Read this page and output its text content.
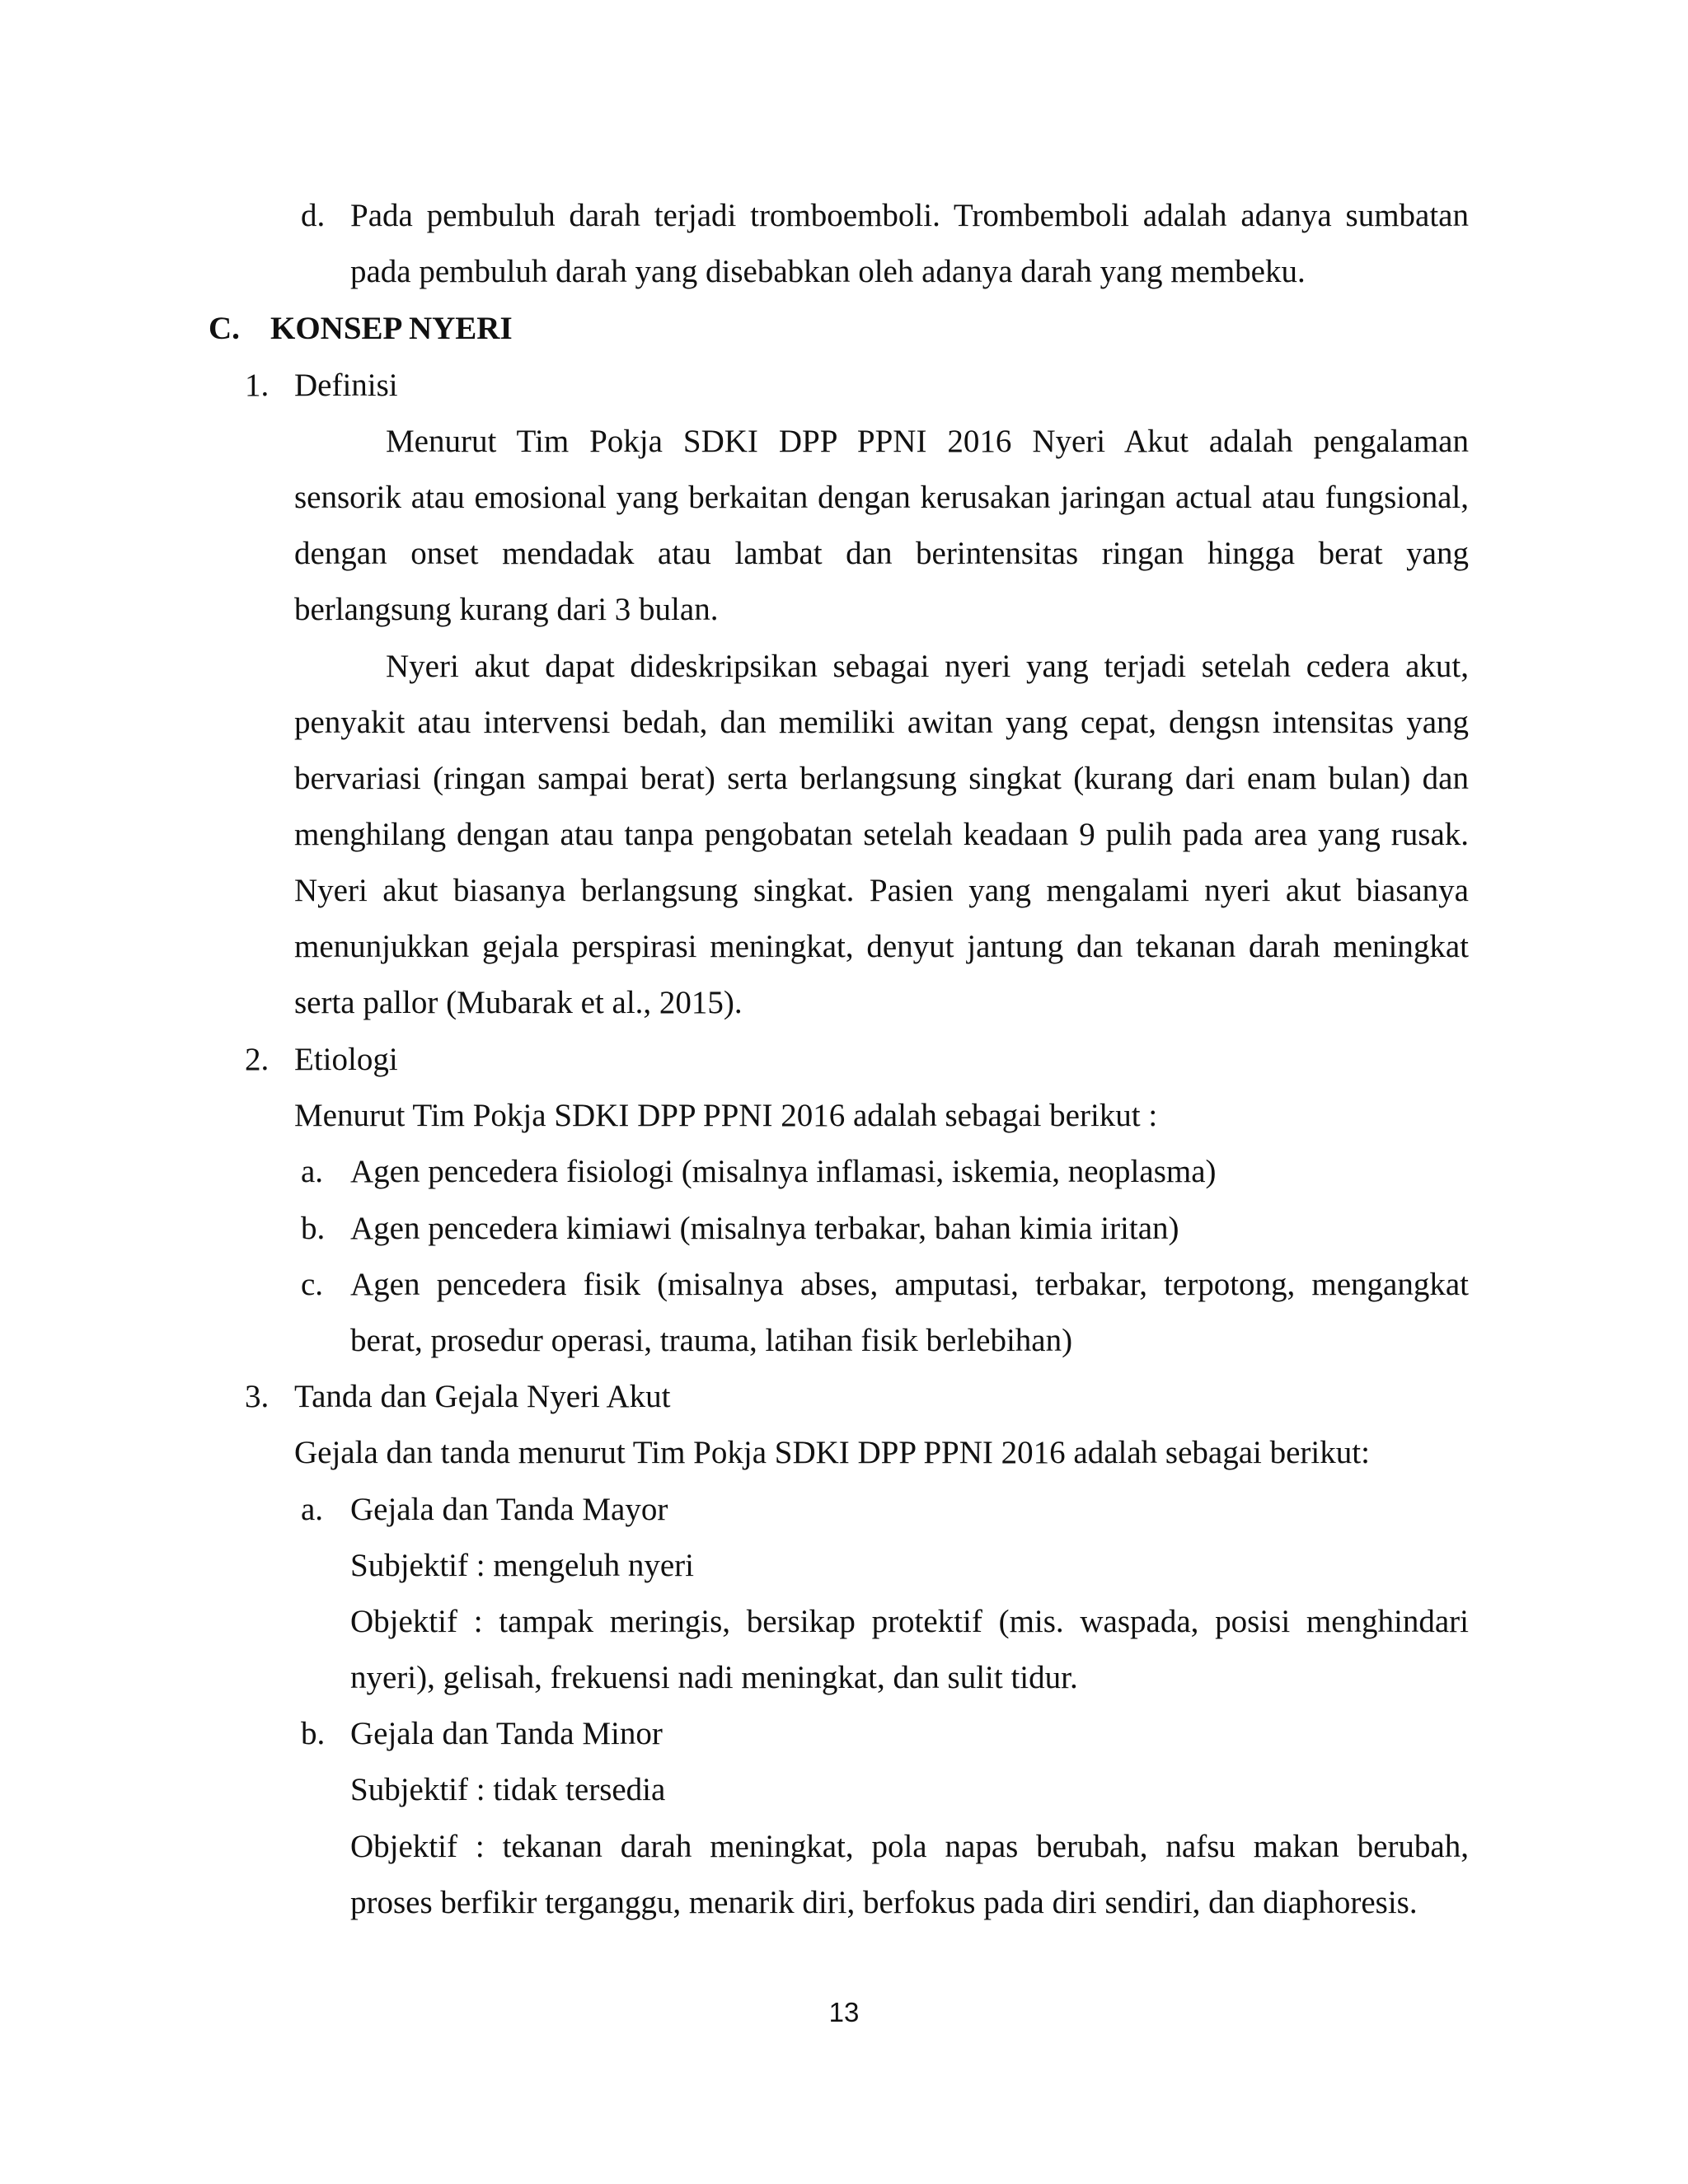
d. Pada pembuluh darah terjadi tromboemboli. Trombemboli adalah adanya sumbatan
pada pembuluh darah yang disebabkan oleh adanya darah yang membeku.
C. KONSEP NYERI
1. Definisi
Menurut Tim Pokja SDKI DPP PPNI 2016 Nyeri Akut adalah pengalaman
sensorik atau emosional yang berkaitan dengan kerusakan jaringan actual atau fungsional,
dengan onset mendadak atau lambat dan berintensitas ringan hingga berat yang
berlangsung kurang dari 3 bulan.
Nyeri akut dapat dideskripsikan sebagai nyeri yang terjadi setelah cedera akut,
penyakit atau intervensi bedah, dan memiliki awitan yang cepat, dengsn intensitas yang
bervariasi (ringan sampai berat) serta berlangsung singkat (kurang dari enam bulan) dan
menghilang dengan atau tanpa pengobatan setelah keadaan 9 pulih pada area yang rusak.
Nyeri akut biasanya berlangsung singkat. Pasien yang mengalami nyeri akut biasanya
menunjukkan gejala perspirasi meningkat, denyut jantung dan tekanan darah meningkat
serta pallor (Mubarak et al., 2015).
2. Etiologi
Menurut Tim Pokja SDKI DPP PPNI 2016 adalah sebagai berikut :
a. Agen pencedera fisiologi (misalnya inflamasi, iskemia, neoplasma)
b. Agen pencedera kimiawi (misalnya terbakar, bahan kimia iritan)
c. Agen pencedera fisik (misalnya abses, amputasi, terbakar, terpotong, mengangkat
berat, prosedur operasi, trauma, latihan fisik berlebihan)
3. Tanda dan Gejala Nyeri Akut
Gejala dan tanda menurut Tim Pokja SDKI DPP PPNI 2016 adalah sebagai berikut:
a. Gejala dan Tanda Mayor
Subjektif : mengeluh nyeri
Objektif : tampak meringis, bersikap protektif (mis. waspada, posisi menghindari
nyeri), gelisah, frekuensi nadi meningkat, dan sulit tidur.
b. Gejala dan Tanda Minor
Subjektif : tidak tersedia
Objektif : tekanan darah meningkat, pola napas berubah, nafsu makan berubah,
proses berfikir terganggu, menarik diri, berfokus pada diri sendiri, dan diaphoresis.
13
